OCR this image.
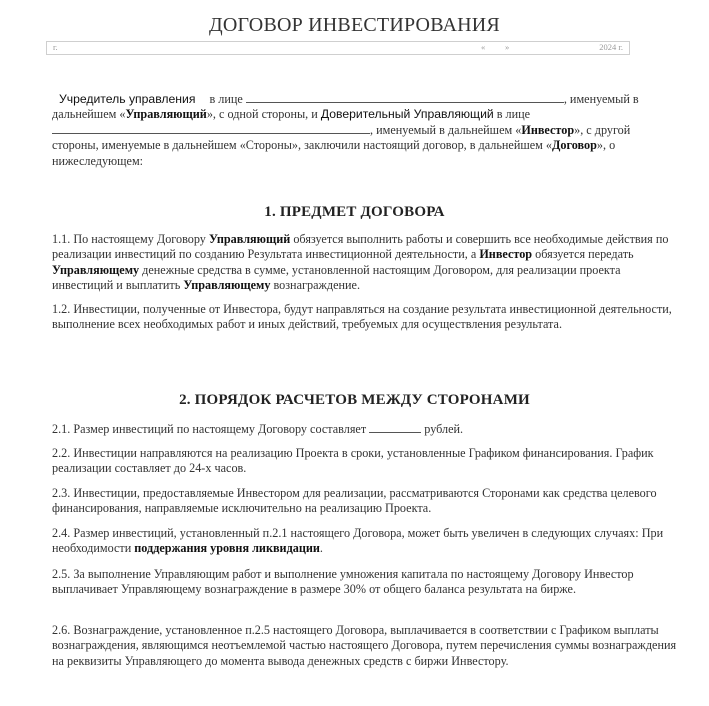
ДОГОВОР ИНВЕСТИРОВАНИЯ
г.	« »	2024 г.
Учредитель управления в лице	, именуемый в дальнейшем «Управляющий», с одной стороны, и Доверительный Управляющий в лице
, именуемый в дальнейшем «Инвестор», с другой стороны, именуемые в дальнейшем «Стороны», заключили настоящий договор, в дальнейшем «Договор», о нижеследующем:
1. ПРЕДМЕТ ДОГОВОРА
1.1. По настоящему Договору Управляющий обязуется выполнить работы и совершить все необходимые действия по реализации инвестиций по созданию Результата инвестиционной деятельности, а Инвестор обязуется передать Управляющему денежные средства в сумме, установленной настоящим Договором, для реализации проекта инвестиций и выплатить Управляющему вознаграждение.
1.2. Инвестиции, полученные от Инвестора, будут направляться на создание результата инвестиционной деятельности, выполнение всех необходимых работ и иных действий, требуемых для осуществления результата.
2. ПОРЯДОК РАСЧЕТОВ МЕЖДУ СТОРОНАМИ
2.1. Размер инвестиций по настоящему Договору составляет	рублей.
2.2. Инвестиции направляются на реализацию Проекта в сроки, установленные Графиком финансирования. График реализации составляет до 24-х часов.
2.3. Инвестиции, предоставляемые Инвестором для реализации, рассматриваются Сторонами как средства целевого финансирования, направляемые исключительно на реализацию Проекта.
2.4. Размер инвестиций, установленный п.2.1 настоящего Договора, может быть увеличен в следующих случаях: При необходимости поддержания уровня ликвидации.
2.5. За выполнение Управляющим работ и выполнение умножения капитала по настоящему Договору Инвестор выплачивает Управляющему вознаграждение в размере 30% от общего баланса результата на бирже.
2.6. Вознаграждение, установленное п.2.5 настоящего Договора, выплачивается в соответствии с Графиком выплаты вознаграждения, являющимся неотъемлемой частью настоящего Договора, путем перечисления суммы вознаграждения на реквизиты Управляющего до момента вывода денежных средств с биржи Инвестору.
